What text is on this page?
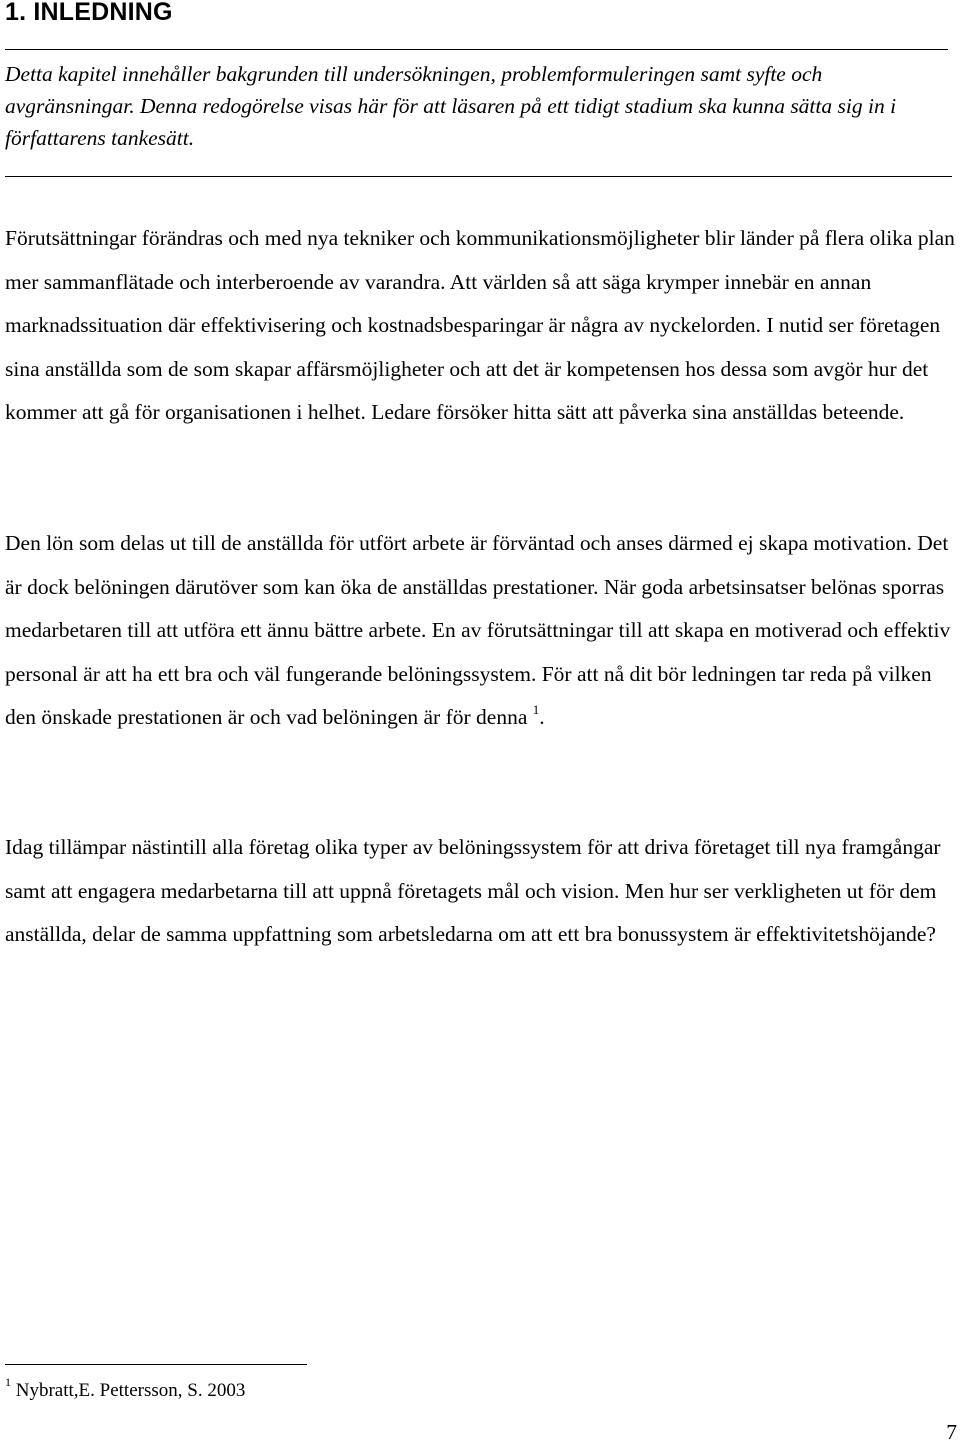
1. INLEDNING

Detta kapitel innehåller bakgrunden till undersökningen, problemformuleringen samt syfte och avgränsningar. Denna redogörelse visas här för att läsaren på ett tidigt stadium ska kunna sätta sig in i författarens tankesätt.

Förutsättningar förändras och med nya tekniker och kommunikationsmöjligheter blir länder på flera olika plan mer sammanflätade och interberoende av varandra. Att världen så att säga krymper innebär en annan marknadssituation där effektivisering och kostnadsbesparingar är några av nyckelorden. I nutid ser företagen sina anställda som de som skapar affärsmöjligheter och att det är kompetensen hos dessa som avgör hur det kommer att gå för organisationen i helhet. Ledare försöker hitta sätt att påverka sina anställdas beteende.

Den lön som delas ut till de anställda för utfört arbete är förväntad och anses därmed ej skapa motivation. Det är dock belöningen därutöver som kan öka de anställdas prestationer. När goda arbetsinsatser belönas sporras medarbetaren till att utföra ett ännu bättre arbete. En av förutsättningar till att skapa en motiverad och effektiv personal är att ha ett bra och väl fungerande belöningssystem. För att nå dit bör ledningen tar reda på vilken den önskade prestationen är och vad belöningen är för denna $^1$.

Idag tillämpar nästintill alla företag olika typer av belöningssystem för att driva företaget till nya framgångar samt att engagera medarbetarna till att uppnå företagets mål och vision. Men hur ser verkligheten ut för dem anställda, delar de samma uppfattning som arbetsledarna om att ett bra bonussystem är effektivitetshöjande?

$^1$ Nybratt,E. Pettersson, S. 2003

7
